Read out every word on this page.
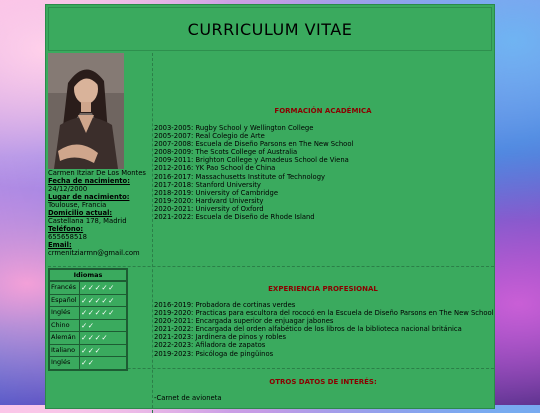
CURRICULUM VITAE
Carmen Itziar De Los Montes
Fecha de nacimiento:
24/12/2000
Lugar de nacimiento:
Toulouse, Francia
Domicilio actual:
Castellana 178, Madrid
Teléfono:
655658518
Email:
crmenitziarmn@gmail.com
Idiomas
Francés ✓✓✓✓✓
Español ✓✓✓✓✓
Inglés	✓✓✓✓✓
Chino	✓✓
Alemán ✓✓✓✓
Italiano ✓✓✓
Inglés	✓✓
FORMACIÓN ACADÉMICA
2003-2005: Rugby School y Wellington College
2005-2007: Real Colegio de Arte
2007-2008: Escuela de Diseño Parsons en The New School
2008-2009: The Scots College of Australia
2009-2011: Brighton College y Amadeus School de Viena
2012-2016: YK Pao School de China
2016-2017: Massachusetts Institute of Technology
2017-2018: Stanford University
2018-2019: University of Cambridge
2019-2020: Hardvard University
2020-2021: University of Oxford
2021-2022: Escuela de Diseño de Rhode Island
EXPERIENCIA PROFESIONAL
2016-2019: Probadora de cortinas verdes
2019-2020: Practicas para escultora del rococó en la Escuela de Diseño Parsons en The New School
2020-2021: Encargada superior de enjuagar jabones
2021-2022: Encargada del orden alfabético de los libros de la biblioteca nacional británica
2021-2023: Jardinera de pinos y robles
2022-2023: Afiladora de zapatos
2019-2023: Psicóloga de pingüinos
OTROS DATOS DE INTERÉS:
-Carnet de avioneta
